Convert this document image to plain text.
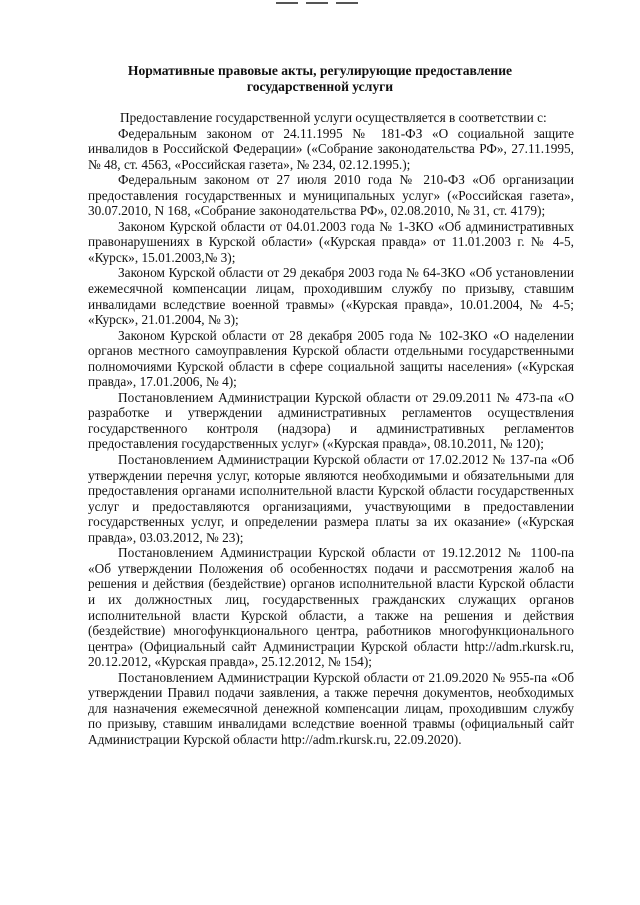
Нормативные правовые акты, регулирующие предоставление государственной услуги

Предоставление государственной услуги осуществляется в соответствии с:

Федеральным законом от 24.11.1995 № 181-ФЗ «О социальной защите инвалидов в Российской Федерации» («Собрание законодательства РФ», 27.11.1995, № 48, ст. 4563, «Российская газета», № 234, 02.12.1995.);

Федеральным законом от 27 июля 2010 года № 210-ФЗ «Об организации предоставления государственных и муниципальных услуг» («Российская газета», 30.07.2010, N 168, «Собрание законодательства РФ», 02.08.2010, № 31, ст. 4179);

Законом Курской области от 04.01.2003 года № 1-ЗКО «Об административных правонарушениях в Курской области» («Курская правда» от 11.01.2003 г. № 4-5, «Курск», 15.01.2003,№ 3);

Законом Курской области от 29 декабря 2003 года № 64-ЗКО «Об установлении ежемесячной компенсации лицам, проходившим службу по призыву, ставшим инвалидами вследствие военной травмы» («Курская правда», 10.01.2004, № 4-5; «Курск», 21.01.2004, № 3);

Законом Курской области от 28 декабря 2005 года № 102-ЗКО «О наделении органов местного самоуправления Курской области отдельными государственными полномочиями Курской области в сфере социальной защиты населения» («Курская правда», 17.01.2006, № 4);

Постановлением Администрации Курской области от 29.09.2011 № 473-па «О разработке и утверждении административных регламентов осуществления государственного контроля (надзора) и административных регламентов предоставления государственных услуг» («Курская правда», 08.10.2011, № 120);

Постановлением Администрации Курской области от 17.02.2012 № 137-па «Об утверждении перечня услуг, которые являются необходимыми и обязательными для предоставления органами исполнительной власти Курской области государственных услуг и предоставляются организациями, участвующими в предоставлении государственных услуг, и определении размера платы за их оказание» («Курская правда», 03.03.2012, № 23);

Постановлением Администрации Курской области от 19.12.2012 № 1100-па «Об утверждении Положения об особенностях подачи и рассмотрения жалоб на решения и действия (бездействие) органов исполнительной власти Курской области и их должностных лиц, государственных гражданских служащих органов исполнительной власти Курской области, а также на решения и действия (бездействие) многофункционального центра, работников многофункционального центра» (Официальный сайт Администрации Курской области http://adm.rkursk.ru, 20.12.2012, «Курская правда», 25.12.2012, № 154);

Постановлением Администрации Курской области от 21.09.2020 № 955-па «Об утверждении Правил подачи заявления, а также перечня документов, необходимых для назначения ежемесячной денежной компенсации лицам, проходившим службу по призыву, ставшим инвалидами вследствие военной травмы (официальный сайт Администрации Курской области http://adm.rkursk.ru, 22.09.2020).
